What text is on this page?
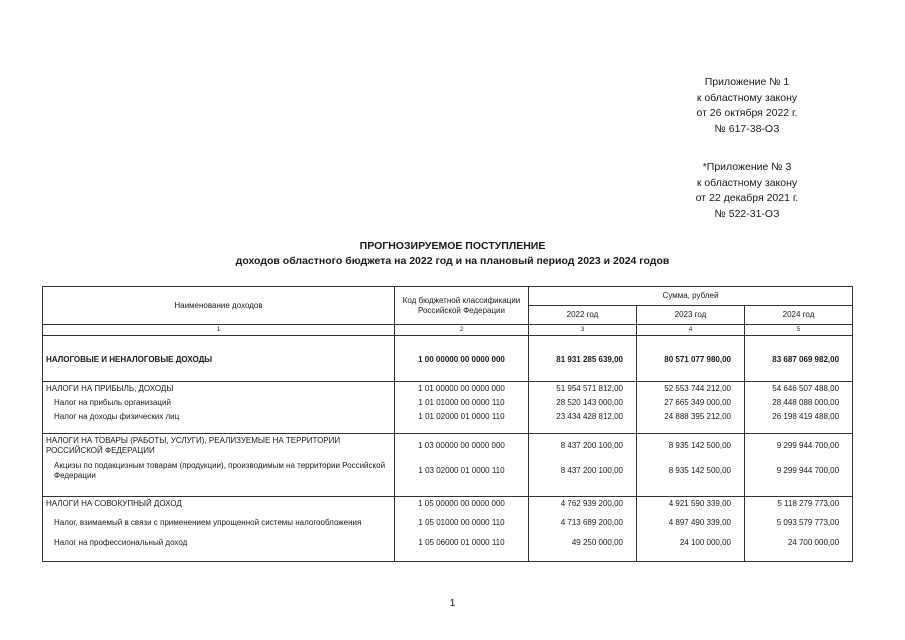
Приложение № 1
к областному закону
от 26 октября 2022 г.
№ 617-38-ОЗ
*Приложение № 3
к областному закону
от 22 декабря 2021 г.
№ 522-31-ОЗ
ПРОГНОЗИРУЕМОЕ ПОСТУПЛЕНИЕ
доходов областного бюджета на 2022 год и на плановый период 2023 и 2024 годов
Наименование доходов	Код бюджетной классификации Российской Федерации	Сумма, рублей		
		2022 год	2023 год	2024 год
1	2	3	4	5

НАЛОГОВЫЕ И НЕНАЛОГОВЫЕ ДОХОДЫ	1 00 00000 00 0000 000	81 931 285 639,00	80 571 077 980,00	83 687 069 982,00

НАЛОГИ НА ПРИБЫЛЬ, ДОХОДЫ	1 01 00000 00 0000 000	51 954 571 812,00	52 553 744 212,00	54 646 507 488,00
Налог на прибыль организаций	1 01 01000 00 0000 110	28 520 143 000,00	27 665 349 000,00	28 448 088 000,00
Налог на доходы физических лиц	1 01 02000 01 0000 110	23 434 428 812,00	24 888 395 212,00	26 198 419 488,00

НАЛОГИ НА ТОВАРЫ (РАБОТЫ, УСЛУГИ), РЕАЛИЗУЕМЫЕ НА ТЕРРИТОРИИ РОССИЙСКОЙ ФЕДЕРАЦИИ	1 03 00000 00 0000 000	8 437 200 100,00	8 935 142 500,00	9 299 944 700,00
Акцизы по подакцизным товарам (продукции), производимым на территории Российской Федерации	1 03 02000 01 0000 110	8 437 200 100,00	8 935 142 500,00	9 299 944 700,00

НАЛОГИ НА СОВОКУПНЫЙ ДОХОД	1 05 00000 00 0000 000	4 762 939 200,00	4 921 590 339,00	5 118 279 773,00
Налог, взимаемый в связи с применением упрощенной системы налогообложения	1 05 01000 00 0000 110	4 713 689 200,00	4 897 490 339,00	5 093 579 773,00
Налог на профессиональный доход	1 05 06000 01 0000 110	49 250 000,00	24 100 000,00	24 700 000,00

1
